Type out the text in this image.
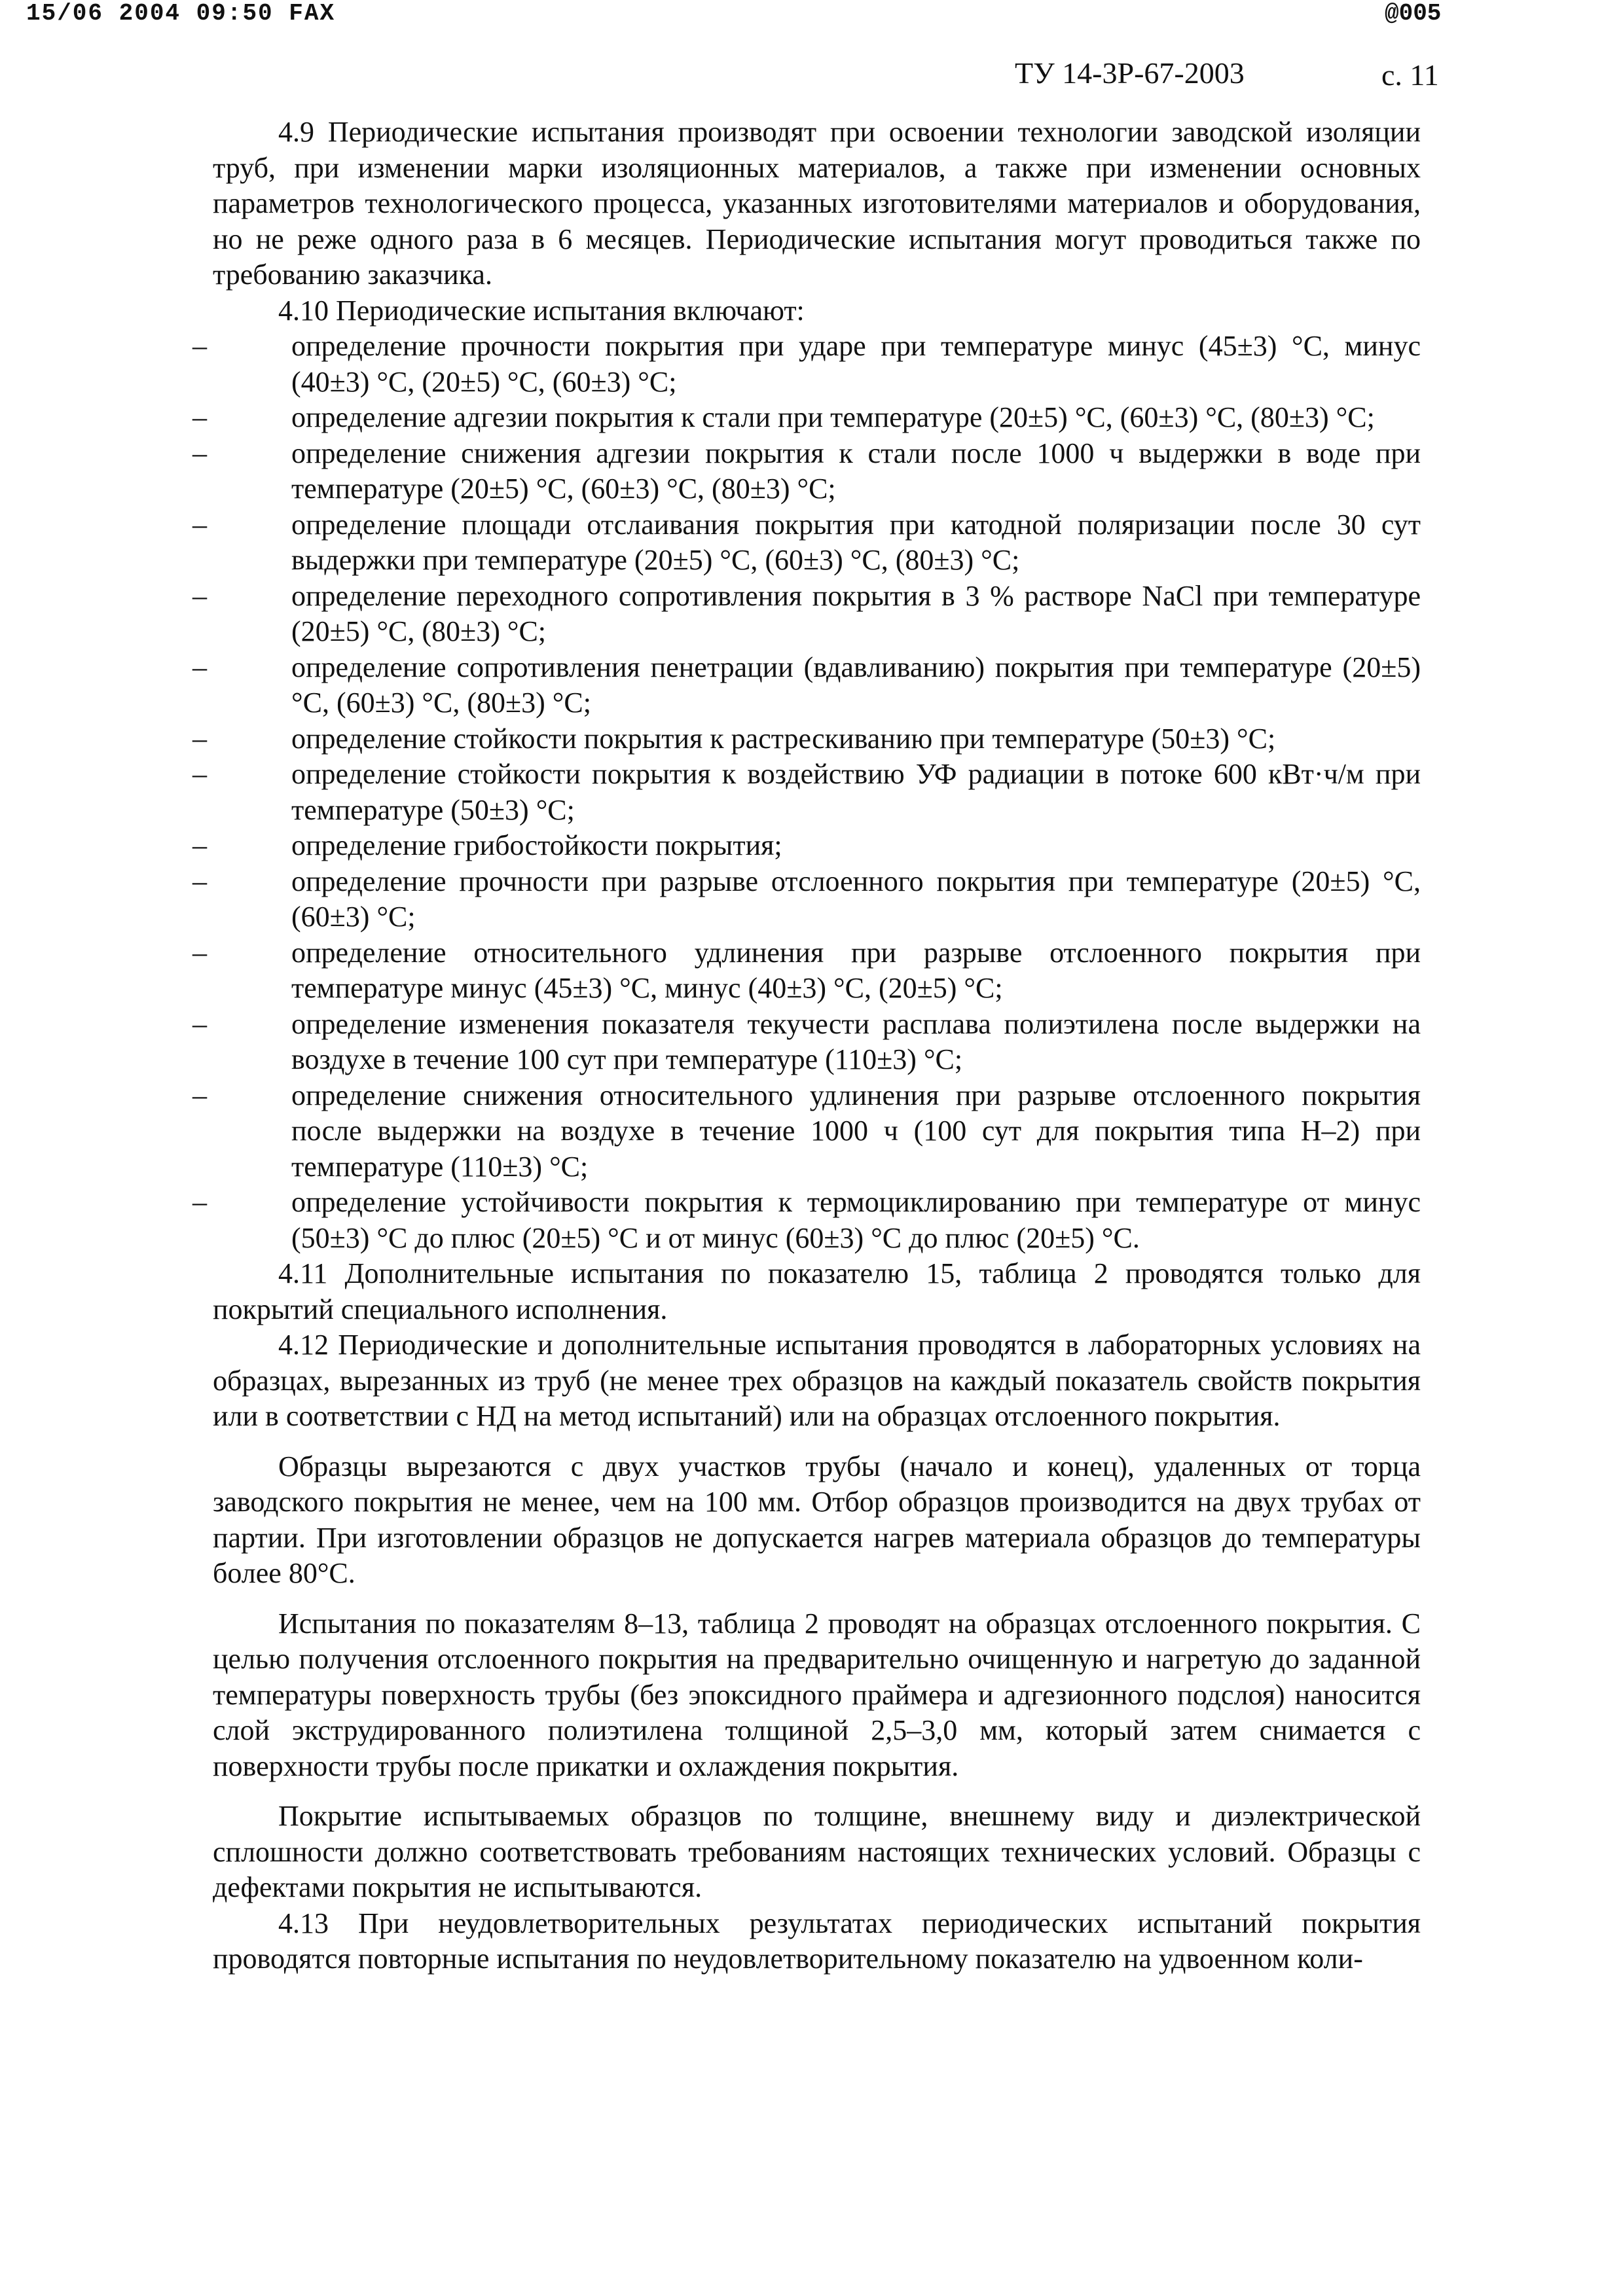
15/06 2004 09:50 FAX	@005
ТУ 14-3Р-67-2003	с. 11

4.9 Периодические испытания производят при освоении технологии заводской изоляции труб, при изменении марки изоляционных материалов, а также при изменении основных параметров технологического процесса, указанных изготовителями материалов и оборудования, но не реже одного раза в 6 месяцев. Периодические испытания могут проводиться также по требованию заказчика.

4.10 Периодические испытания включают:

–	определение прочности покрытия при ударе при температуре минус (45±3) °С, минус (40±3) °С, (20±5) °С, (60±3) °С;
–	определение адгезии покрытия к стали при температуре (20±5) °С, (60±3) °С, (80±3) °С;
–	определение снижения адгезии покрытия к стали после 1000 ч выдержки в воде при температуре (20±5) °С, (60±3) °С, (80±3) °С;
–	определение площади отслаивания покрытия при катодной поляризации после 30 сут выдержки при температуре (20±5) °С, (60±3) °С, (80±3) °С;
–	определение переходного сопротивления покрытия в 3 % растворе NaCl при температуре (20±5) °С, (80±3) °С;
–	определение сопротивления пенетрации (вдавливанию) покрытия при температуре (20±5) °С, (60±3) °С, (80±3) °С;
–	определение стойкости покрытия к растрескиванию при температуре (50±3) °С;
–	определение стойкости покрытия к воздействию УФ радиации в потоке 600 кВт·ч/м при температуре (50±3) °С;
–	определение грибостойкости покрытия;
–	определение прочности при разрыве отслоенного покрытия при температуре (20±5) °С, (60±3) °С;
–	определение относительного удлинения при разрыве отслоенного покрытия при температуре минус (45±3) °С, минус (40±3) °С, (20±5) °С;
–	определение изменения показателя текучести расплава полиэтилена после выдержки на воздухе в течение 100 сут при температуре (110±3) °С;
–	определение снижения относительного удлинения при разрыве отслоенного покрытия после выдержки на воздухе в течение 1000 ч (100 сут для покрытия типа Н–2) при температуре (110±3) °С;
–	определение устойчивости покрытия к термоциклированию при температуре от минус (50±3) °С до плюс (20±5) °С и от минус (60±3) °С до плюс (20±5) °С.

4.11 Дополнительные испытания по показателю 15, таблица 2 проводятся только для покрытий специального исполнения.

4.12 Периодические и дополнительные испытания проводятся в лабораторных условиях на образцах, вырезанных из труб (не менее трех образцов на каждый показатель свойств покрытия или в соответствии с НД на метод испытаний) или на образцах отслоенного покрытия.

Образцы вырезаются с двух участков трубы (начало и конец), удаленных от торца заводского покрытия не менее, чем на 100 мм. Отбор образцов производится на двух трубах от партии. При изготовлении образцов не допускается нагрев материала образцов до температуры более 80°С.

Испытания по показателям 8–13, таблица 2 проводят на образцах отслоенного покрытия. С целью получения отслоенного покрытия на предварительно очищенную и нагретую до заданной температуры поверхность трубы (без эпоксидного праймера и адгезионного подслоя) наносится слой экструдированного полиэтилена толщиной 2,5–3,0 мм, который затем снимается с поверхности трубы после прикатки и охлаждения покрытия.

Покрытие испытываемых образцов по толщине, внешнему виду и диэлектрической сплошности должно соответствовать требованиям настоящих технических условий. Образцы с дефектами покрытия не испытываются.

4.13 При неудовлетворительных результатах периодических испытаний покрытия проводятся повторные испытания по неудовлетворительному показателю на удвоенном коли-
